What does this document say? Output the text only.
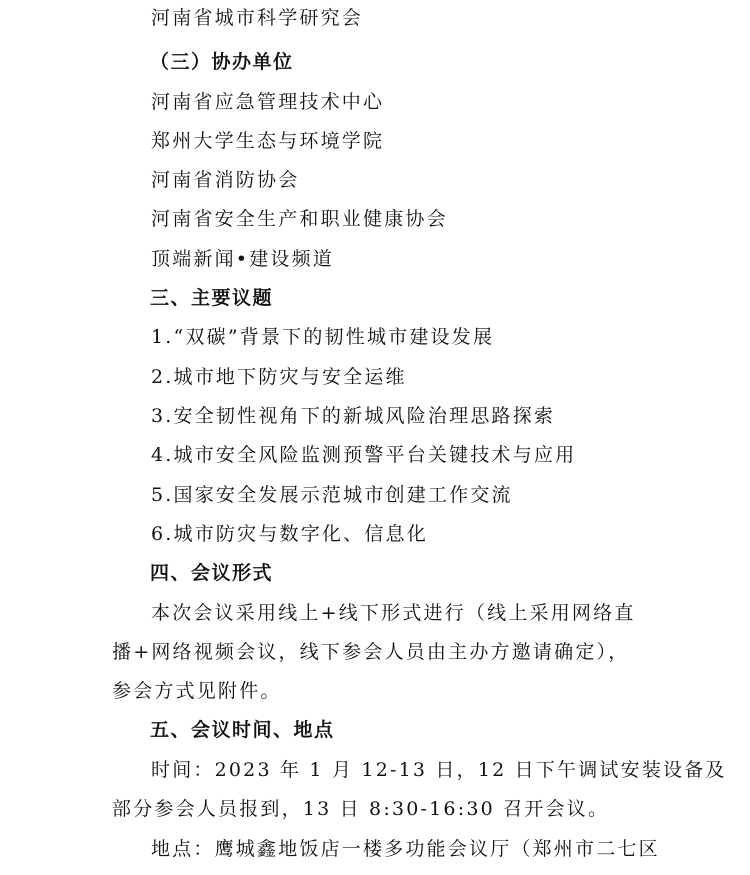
河南省城市科学研究会
（三）协办单位
河南省应急管理技术中心
郑州大学生态与环境学院
河南省消防协会
河南省安全生产和职业健康协会
顶端新闻•建设频道
三、主要议题
1.“双碳”背景下的韧性城市建设发展
2.城市地下防灾与安全运维
3.安全韧性视角下的新城风险治理思路探索
4.城市安全风险监测预警平台关键技术与应用
5.国家安全发展示范城市创建工作交流
6.城市防灾与数字化、信息化
四、会议形式
本次会议采用线上+线下形式进行（线上采用网络直
播+网络视频会议，线下参会人员由主办方邀请确定），
参会方式见附件。
五、会议时间、地点
时间：2023 年 1 月 12-13 日，12 日下午调试安装设备及
部分参会人员报到，13 日 8:30-16:30 召开会议。
地点：鹰城鑫地饭店一楼多功能会议厅（郑州市二七区
